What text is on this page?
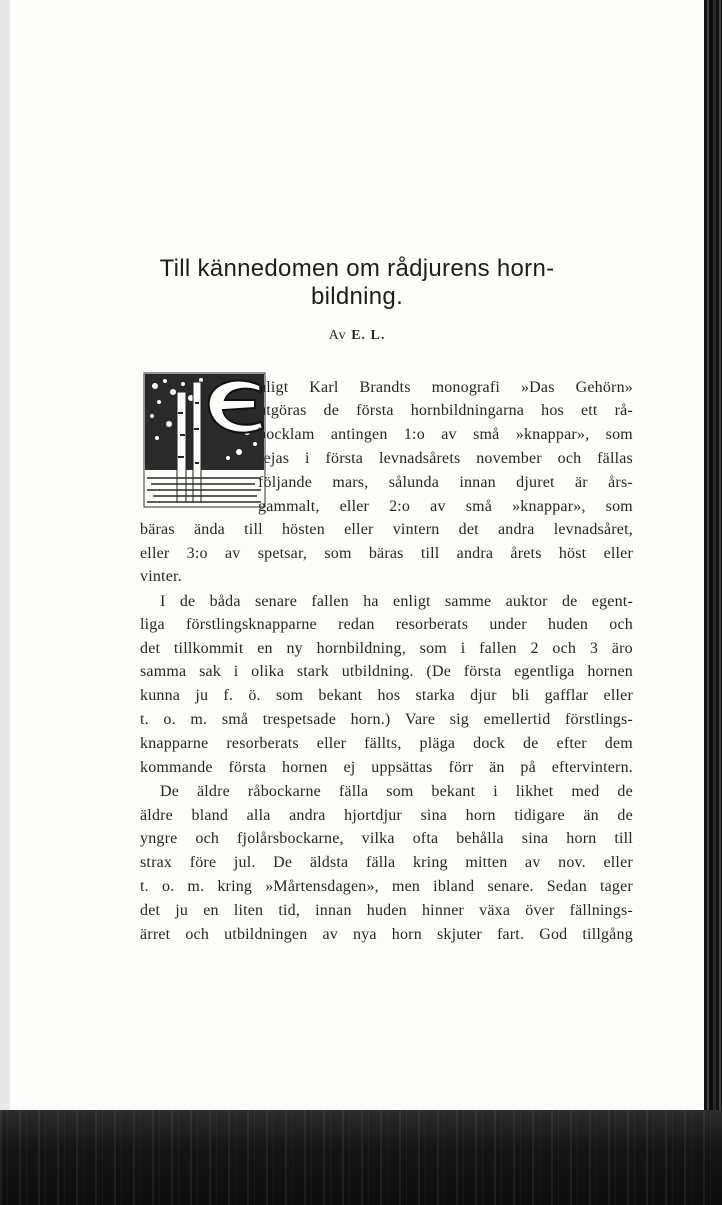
Till kännedomen om rådjurens horn-
bildning.
Av E. L.
nligt Karl Brandts monografi »Das Gehörn»
utgöras de första hornbildningarna hos ett rå-
bocklam antingen 1:o av små »knappar», som
fejas i första levnadsårets november och fällas
följande mars, sålunda innan djuret är års-
gammalt, eller 2:o av små »knappar», som
bäras ända till hösten eller vintern det andra levnadsåret,
eller 3:o av spetsar, som bäras till andra årets höst eller
vinter.
I de båda senare fallen ha enligt samme auktor de egent-
liga förstlingsknapparne redan resorberats under huden och
det tillkommit en ny hornbildning, som i fallen 2 och 3 äro
samma sak i olika stark utbildning. (De första egentliga hornen
kunna ju f. ö. som bekant hos starka djur bli gafflar eller
t. o. m. små trespetsade horn.) Vare sig emellertid förstlings-
knapparne resorberats eller fällts, pläga dock de efter dem
kommande första hornen ej uppsättas förr än på eftervintern.
De äldre råbockarne fälla som bekant i likhet med de
äldre bland alla andra hjortdjur sina horn tidigare än de
yngre och fjolårsbockarne, vilka ofta behålla sina horn till
strax före jul. De äldsta fälla kring mitten av nov. eller
t. o. m. kring »Mårtensdagen», men ibland senare. Sedan tager
det ju en liten tid, innan huden hinner växa över fällnings-
ärret och utbildningen av nya horn skjuter fart. God tillgång
